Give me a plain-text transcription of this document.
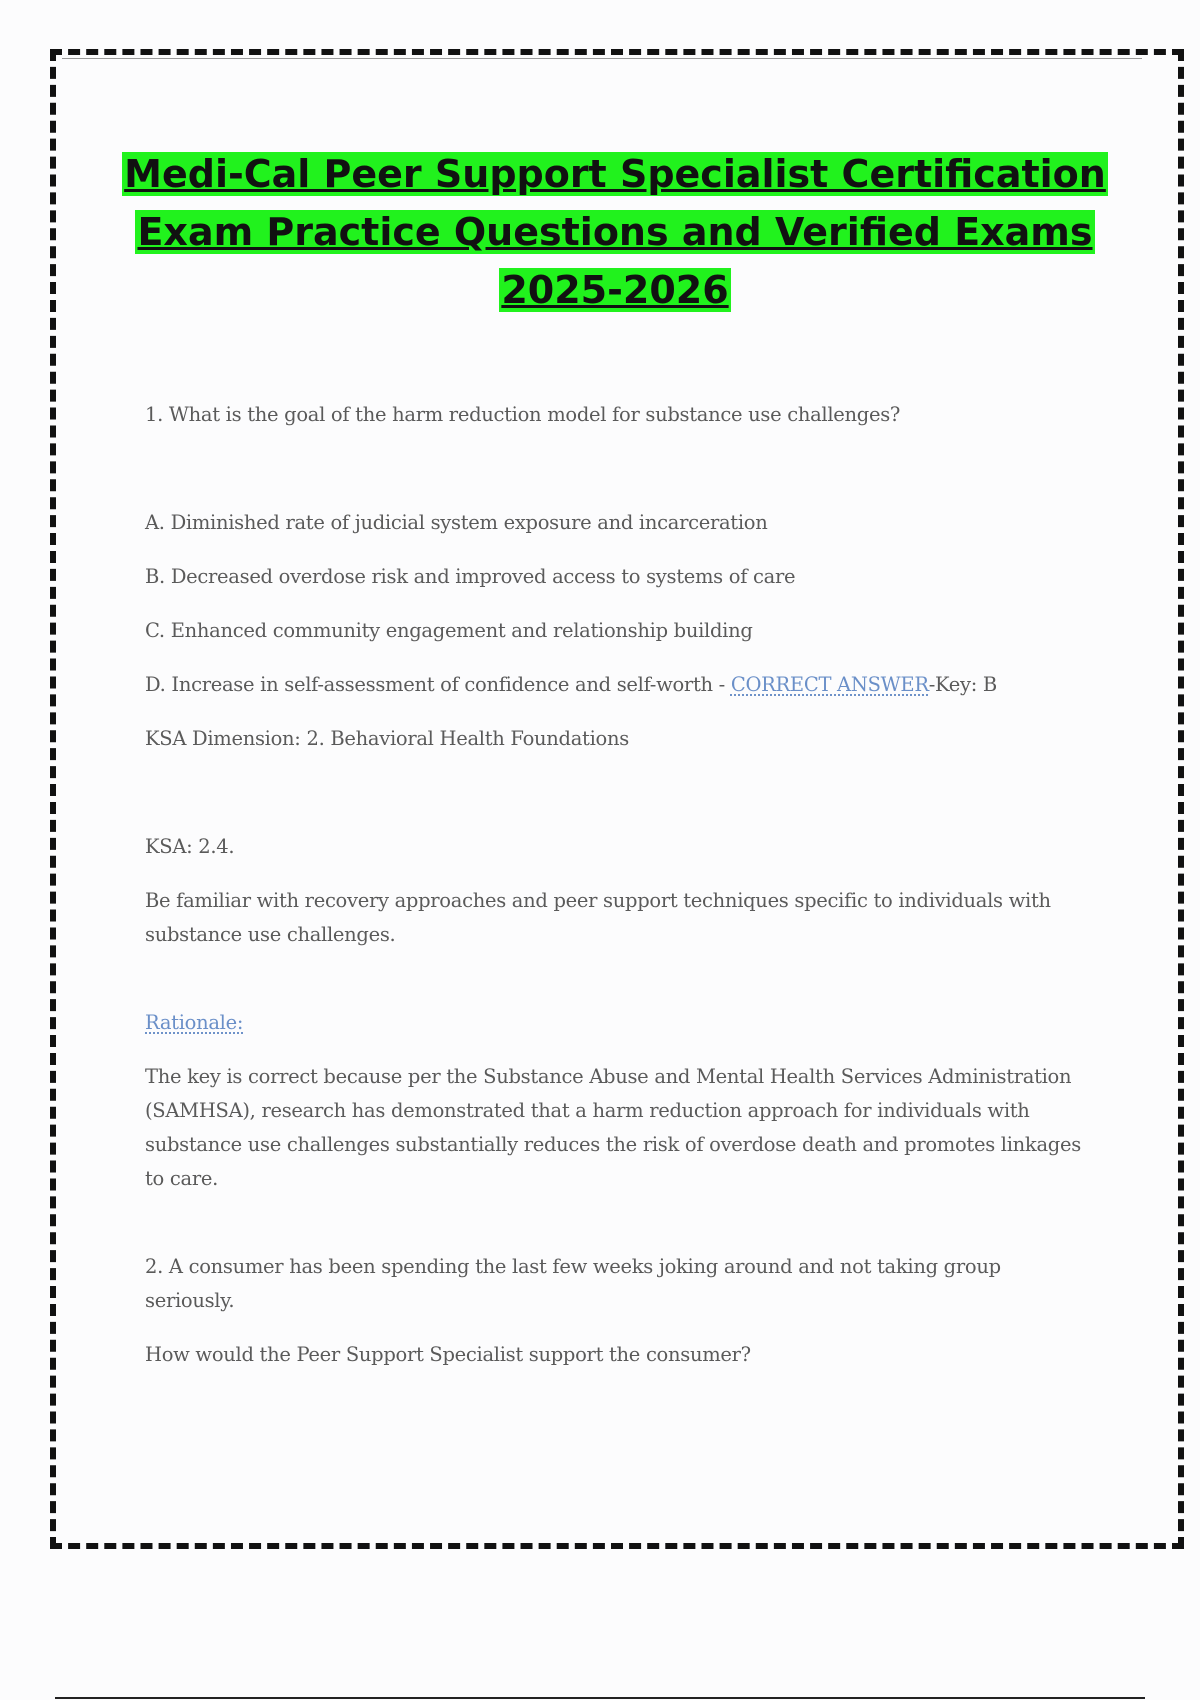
Medi-Cal Peer Support Specialist Certification
Exam Practice Questions and Verified Exams
2025-2026

1. What is the goal of the harm reduction model for substance use challenges?

A. Diminished rate of judicial system exposure and incarceration

B. Decreased overdose risk and improved access to systems of care

C. Enhanced community engagement and relationship building

D. Increase in self-assessment of confidence and self-worth - CORRECT ANSWER-Key: B

KSA Dimension: 2. Behavioral Health Foundations

KSA: 2.4.

Be familiar with recovery approaches and peer support techniques specific to individuals with substance use challenges.

Rationale:

The key is correct because per the Substance Abuse and Mental Health Services Administration (SAMHSA), research has demonstrated that a harm reduction approach for individuals with substance use challenges substantially reduces the risk of overdose death and promotes linkages to care.

2. A consumer has been spending the last few weeks joking around and not taking group seriously.

How would the Peer Support Specialist support the consumer?
